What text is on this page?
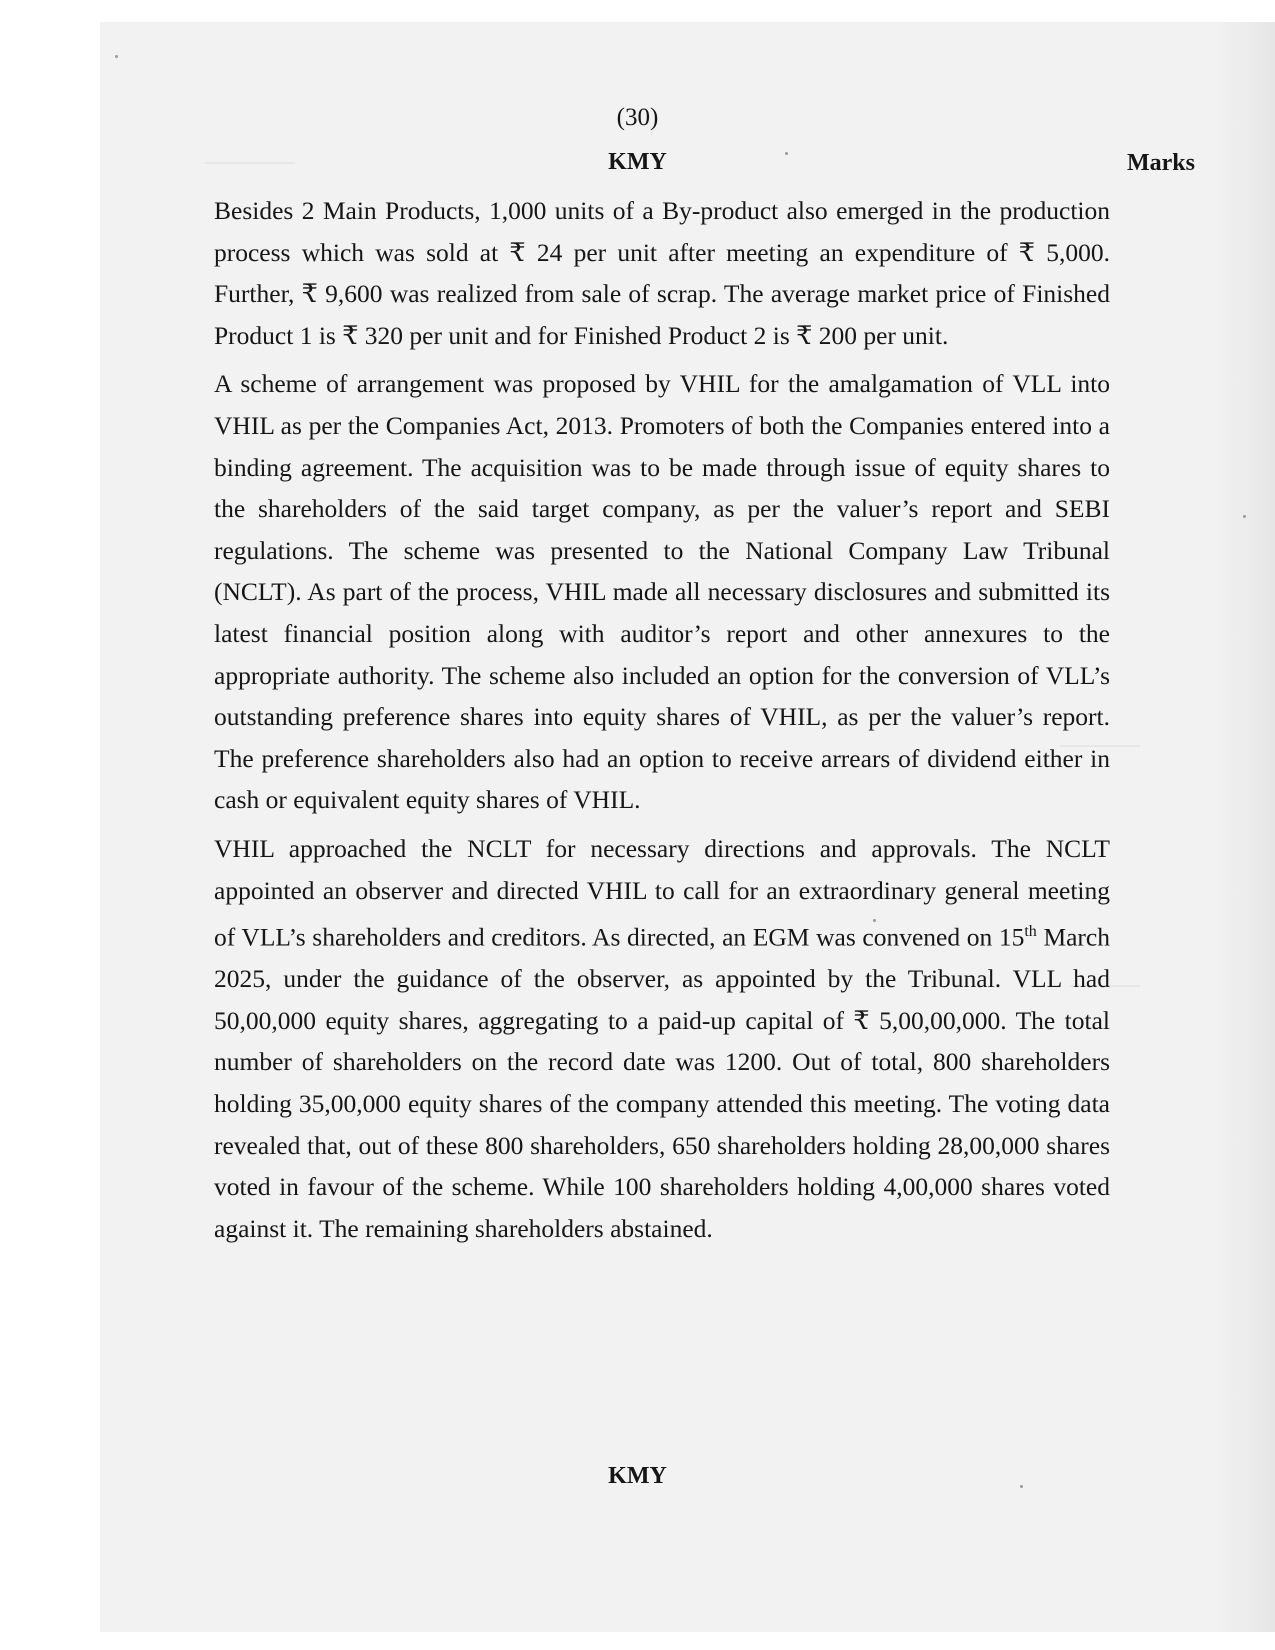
(30)
KMY	Marks

Besides 2 Main Products, 1,000 units of a By-product also emerged in the production process which was sold at ₹ 24 per unit after meeting an expenditure of ₹ 5,000. Further, ₹ 9,600 was realized from sale of scrap. The average market price of Finished Product 1 is ₹ 320 per unit and for Finished Product 2 is ₹ 200 per unit.

A scheme of arrangement was proposed by VHIL for the amalgamation of VLL into VHIL as per the Companies Act, 2013. Promoters of both the Companies entered into a binding agreement. The acquisition was to be made through issue of equity shares to the shareholders of the said target company, as per the valuer’s report and SEBI regulations. The scheme was presented to the National Company Law Tribunal (NCLT). As part of the process, VHIL made all necessary disclosures and submitted its latest financial position along with auditor’s report and other annexures to the appropriate authority. The scheme also included an option for the conversion of VLL’s outstanding preference shares into equity shares of VHIL, as per the valuer’s report. The preference shareholders also had an option to receive arrears of dividend either in cash or equivalent equity shares of VHIL.

VHIL approached the NCLT for necessary directions and approvals. The NCLT appointed an observer and directed VHIL to call for an extraordinary general meeting of VLL’s shareholders and creditors. As directed, an EGM was convened on 15th March 2025, under the guidance of the observer, as appointed by the Tribunal. VLL had 50,00,000 equity shares, aggregating to a paid-up capital of ₹ 5,00,00,000. The total number of shareholders on the record date was 1200. Out of total, 800 shareholders holding 35,00,000 equity shares of the company attended this meeting. The voting data revealed that, out of these 800 shareholders, 650 shareholders holding 28,00,000 shares voted in favour of the scheme. While 100 shareholders holding 4,00,000 shares voted against it. The remaining shareholders abstained.

KMY
